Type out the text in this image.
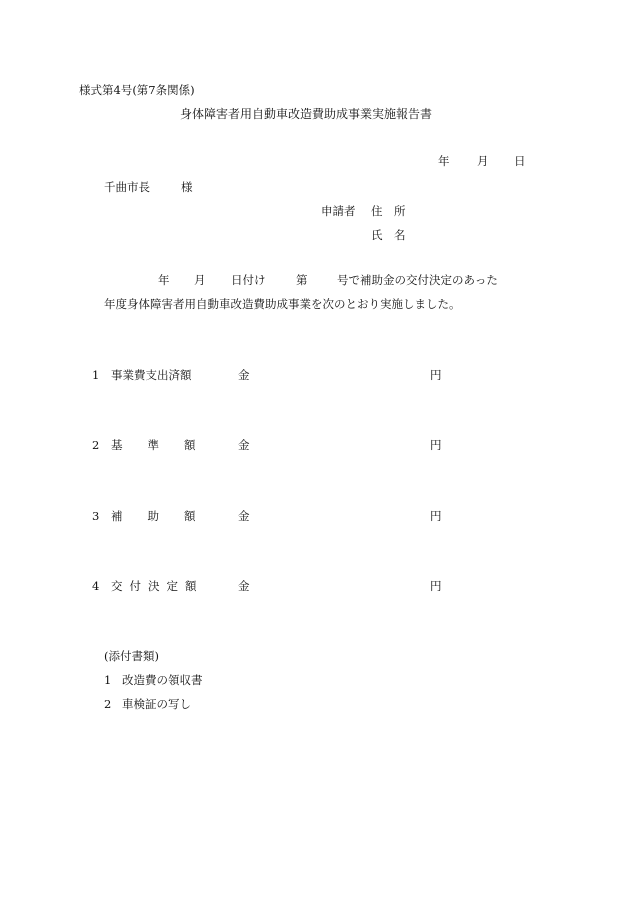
様式第4号(第7条関係)
身体障害者用自動車改造費助成事業実施報告書
年 月 日
千曲市長	様
申請者 住　所
氏　名
年 月 日付け	第	号で補助金の交付決定のあった
年度身体障害者用自動車改造費助成事業を次のとおり実施しました。
1 事業費支出済額	金	円
2 基準額 金	円
3 補助額 金	円
4 交付決定額	金	円
(添付書類)
1 改造費の領収書
2 車検証の写し
